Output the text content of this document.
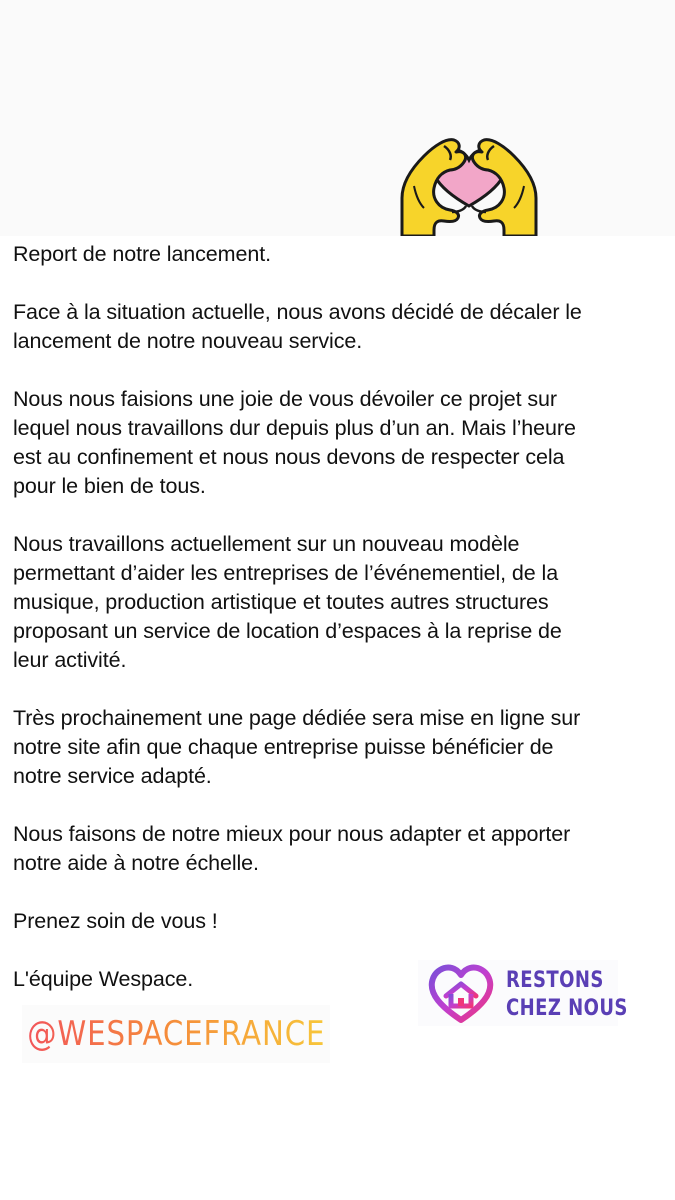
Report de notre lancement.

Face à la situation actuelle, nous avons décidé de décaler le
lancement de notre nouveau service.

Nous nous faisions une joie de vous dévoiler ce projet sur
lequel nous travaillons dur depuis plus d’un an. Mais l’heure
est au confinement et nous nous devons de respecter cela
pour le bien de tous.

Nous travaillons actuellement sur un nouveau modèle
permettant d’aider les entreprises de l’événementiel, de la
musique, production artistique et toutes autres structures
proposant un service de location d’espaces à la reprise de
leur activité.

Très prochainement une page dédiée sera mise en ligne sur
notre site afin que chaque entreprise puisse bénéficier de
notre service adapté.

Nous faisons de notre mieux pour nous adapter et apporter
notre aide à notre échelle.

Prenez soin de vous !

L'équipe Wespace.	RESTONS
CHEZ NOUS
@WESPACEFRANCE
